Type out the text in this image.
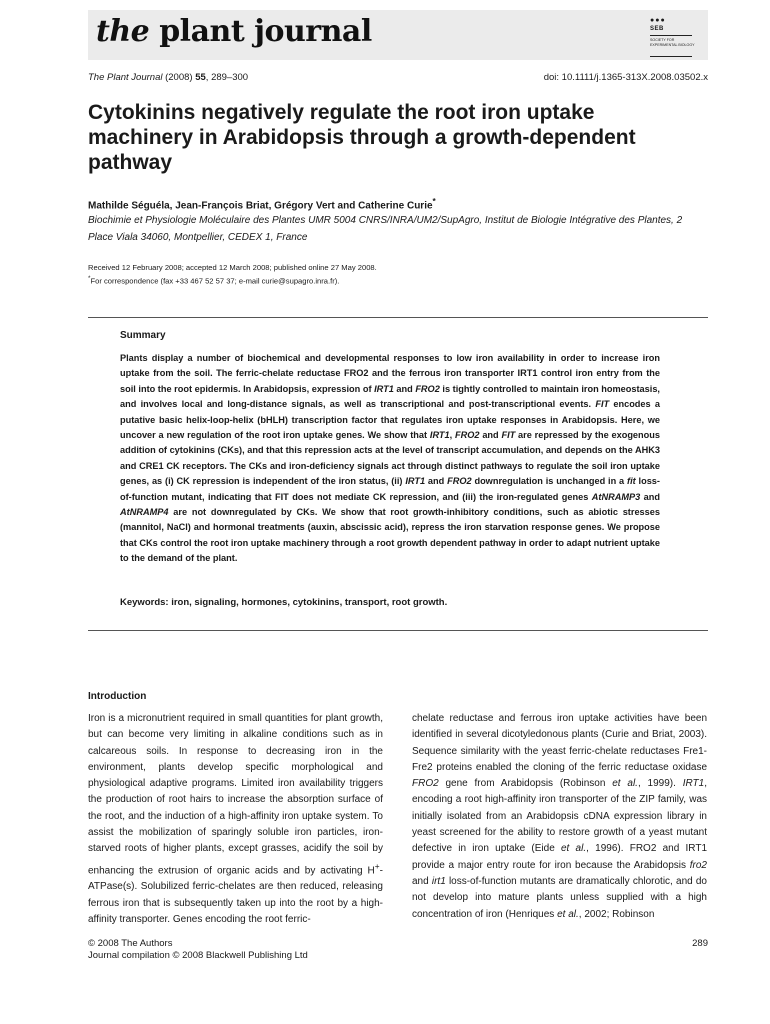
the plant journal	●●●
SEB
SOCIETY FOR EXPERIMENTAL BIOLOGY
The Plant Journal (2008) 55, 289–300	doi: 10.1111/j.1365-313X.2008.03502.x
Cytokinins negatively regulate the root iron uptake machinery in Arabidopsis through a growth-dependent pathway
Mathilde Séguéla, Jean-François Briat, Grégory Vert and Catherine Curie*
Biochimie et Physiologie Moléculaire des Plantes UMR 5004 CNRS/INRA/UM2/SupAgro, Institut de Biologie Intégrative des Plantes, 2 Place Viala 34060, Montpellier, CEDEX 1, France
Received 12 February 2008; accepted 12 March 2008; published online 27 May 2008.
*For correspondence (fax +33 467 52 57 37; e-mail curie@supagro.inra.fr).
Summary
Plants display a number of biochemical and developmental responses to low iron availability in order to increase iron uptake from the soil. The ferric-chelate reductase FRO2 and the ferrous iron transporter IRT1 control iron entry from the soil into the root epidermis. In Arabidopsis, expression of IRT1 and FRO2 is tightly controlled to maintain iron homeostasis, and involves local and long-distance signals, as well as transcriptional and post-transcriptional events. FIT encodes a putative basic helix-loop-helix (bHLH) transcription factor that regulates iron uptake responses in Arabidopsis. Here, we uncover a new regulation of the root iron uptake genes. We show that IRT1, FRO2 and FIT are repressed by the exogenous addition of cytokinins (CKs), and that this repression acts at the level of transcript accumulation, and depends on the AHK3 and CRE1 CK receptors. The CKs and iron-deficiency signals act through distinct pathways to regulate the soil iron uptake genes, as (i) CK repression is independent of the iron status, (ii) IRT1 and FRO2 downregulation is unchanged in a fit loss-of-function mutant, indicating that FIT does not mediate CK repression, and (iii) the iron-regulated genes AtNRAMP3 and AtNRAMP4 are not downregulated by CKs. We show that root growth-inhibitory conditions, such as abiotic stresses (mannitol, NaCl) and hormonal treatments (auxin, abscissic acid), repress the iron starvation response genes. We propose that CKs control the root iron uptake machinery through a root growth dependent pathway in order to adapt nutrient uptake to the demand of the plant.
Keywords: iron, signaling, hormones, cytokinins, transport, root growth.
Introduction
Iron is a micronutrient required in small quantities for plant growth, but can become very limiting in alkaline conditions such as in calcareous soils. In response to decreasing iron in the environment, plants develop specific morphological and physiological adaptive programs. Limited iron availability triggers the production of root hairs to increase the absorption surface of the root, and the induction of a high-affinity iron uptake system. To assist the mobilization of sparingly soluble iron particles, iron-starved roots of higher plants, except grasses, acidify the soil by enhancing the extrusion of organic acids and by activating H+-ATPase(s). Solubilized ferric-chelates are then reduced, releasing ferrous iron that is subsequently taken up into the root by a high-affinity transporter. Genes encoding the root ferric-
chelate reductase and ferrous iron uptake activities have been identified in several dicotyledonous plants (Curie and Briat, 2003). Sequence similarity with the yeast ferric-chelate reductases Fre1-Fre2 proteins enabled the cloning of the ferric reductase oxidase FRO2 gene from Arabidopsis (Robinson et al., 1999). IRT1, encoding a root high-affinity iron transporter of the ZIP family, was initially isolated from an Arabidopsis cDNA expression library in yeast screened for the ability to restore growth of a yeast mutant defective in iron uptake (Eide et al., 1996). FRO2 and IRT1 provide a major entry route for iron because the Arabidopsis fro2 and irt1 loss-of-function mutants are dramatically chlorotic, and do not develop into mature plants unless supplied with a high concentration of iron (Henriques et al., 2002; Robinson
© 2008 The Authors
Journal compilation © 2008 Blackwell Publishing Ltd
289
